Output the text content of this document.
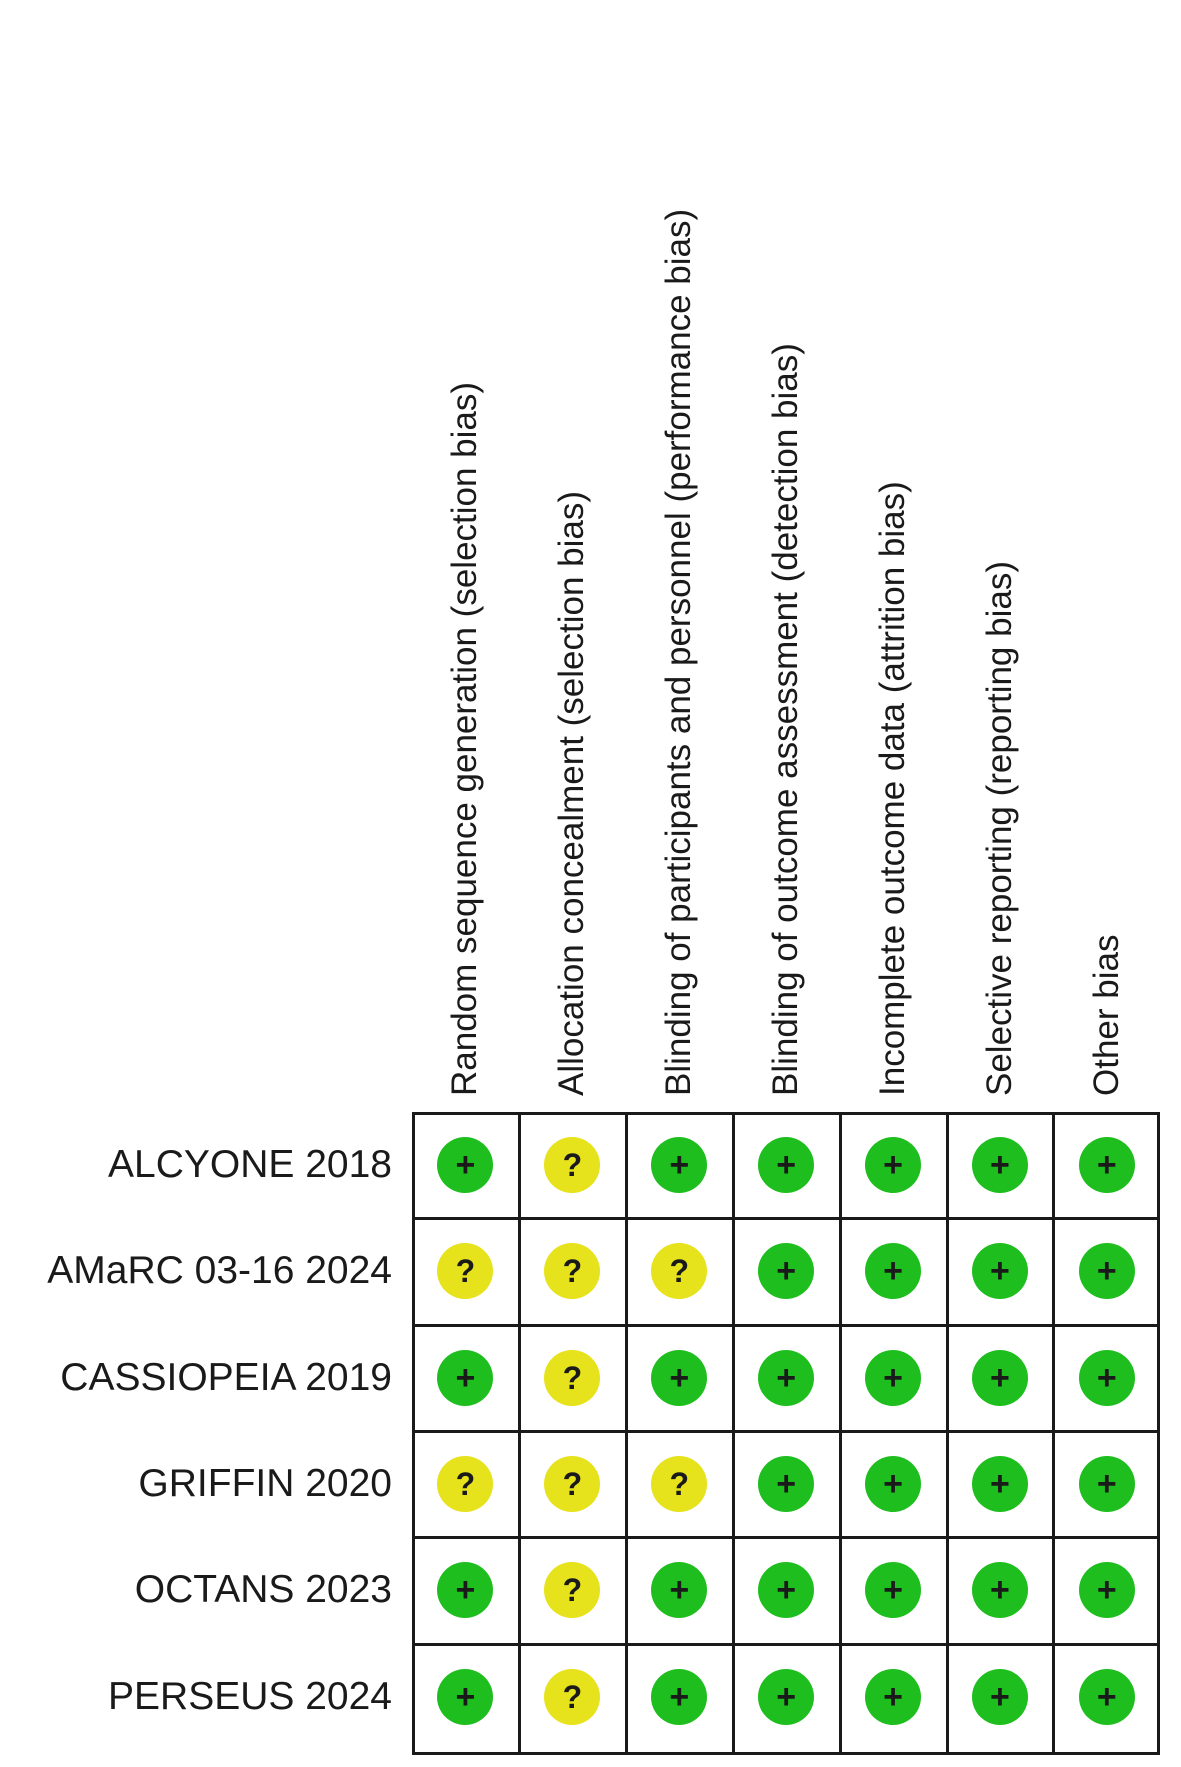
Random sequence generation (selection bias)	Allocation concealment (selection bias)	Blinding of participants and personnel (performance bias)	Blinding of outcome assessment (detection bias)	Incomplete outcome data (attrition bias)	Selective reporting (reporting bias)	Other bias
ALCYONE 2018	+	?	+	+	+	+	+
AMaRC 03-16 2024	?	?	?	+	+	+	+
CASSIOPEIA 2019	+	?	+	+	+	+	+
GRIFFIN 2020	?	?	?	+	+	+	+
OCTANS 2023	+	?	+	+	+	+	+
PERSEUS 2024	+	?	+	+	+	+	+
